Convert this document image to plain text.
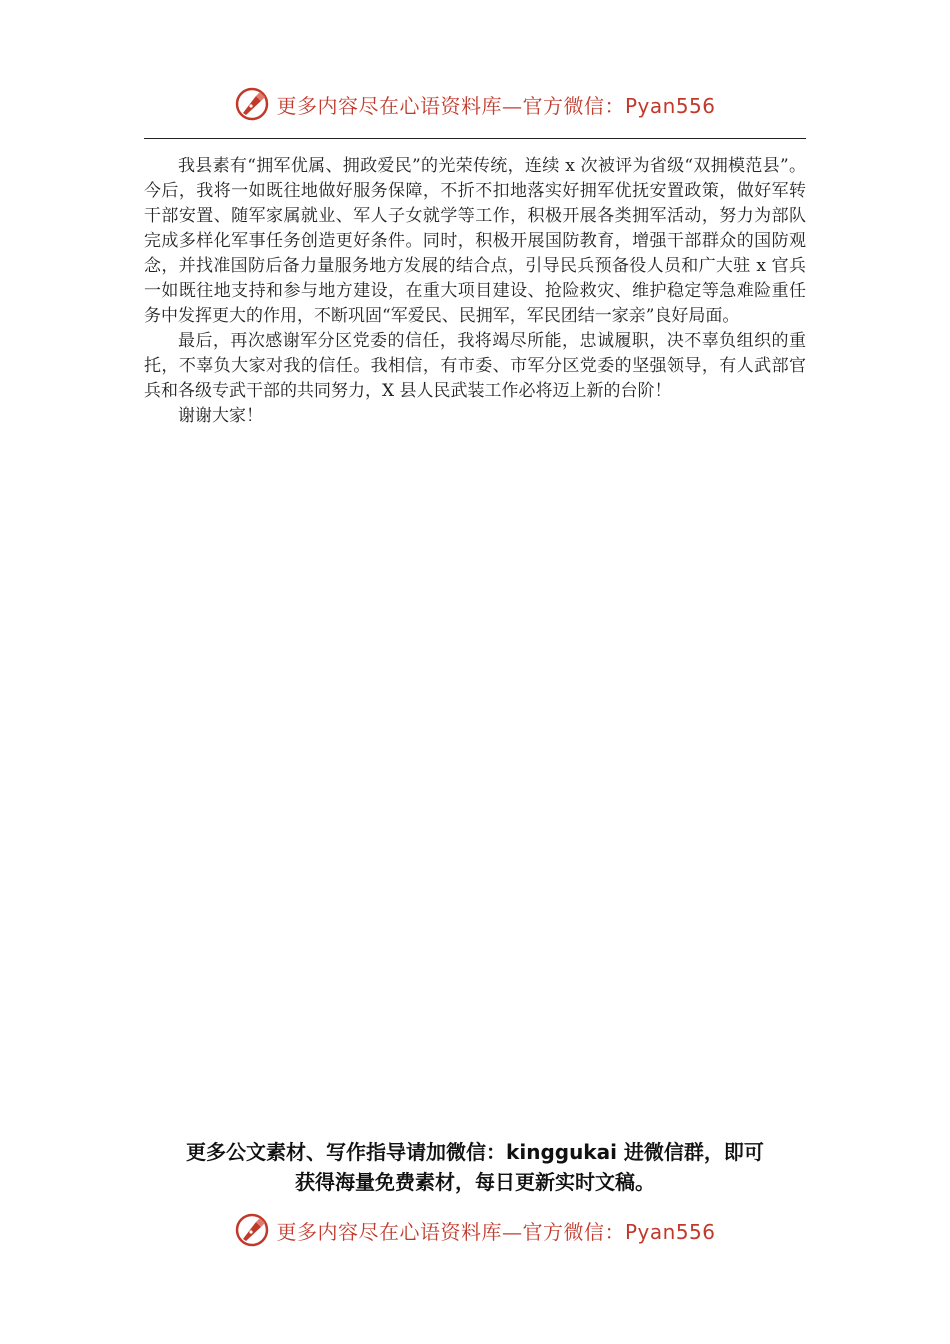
更多内容尽在心语资料库—官方微信：Pyan556

我县素有“拥军优属、拥政爱民”的光荣传统，连续 x 次被评为省级“双拥模范县”。今后，我将一如既往地做好服务保障，不折不扣地落实好拥军优抚安置政策，做好军转干部安置、随军家属就业、军人子女就学等工作，积极开展各类拥军活动，努力为部队完成多样化军事任务创造更好条件。同时，积极开展国防教育，增强干部群众的国防观念，并找准国防后备力量服务地方发展的结合点，引导民兵预备役人员和广大驻 x 官兵一如既往地支持和参与地方建设，在重大项目建设、抢险救灾、维护稳定等急难险重任务中发挥更大的作用，不断巩固“军爱民、民拥军，军民团结一家亲”良好局面。

最后，再次感谢军分区党委的信任，我将竭尽所能，忠诚履职，决不辜负组织的重托，不辜负大家对我的信任。我相信，有市委、市军分区党委的坚强领导，有人武部官兵和各级专武干部的共同努力，X 县人民武装工作必将迈上新的台阶！

谢谢大家！

更多公文素材、写作指导请加微信：kinggukai 进微信群，即可
获得海量免费素材，每日更新实时文稿。
更多内容尽在心语资料库—官方微信：Pyan556
